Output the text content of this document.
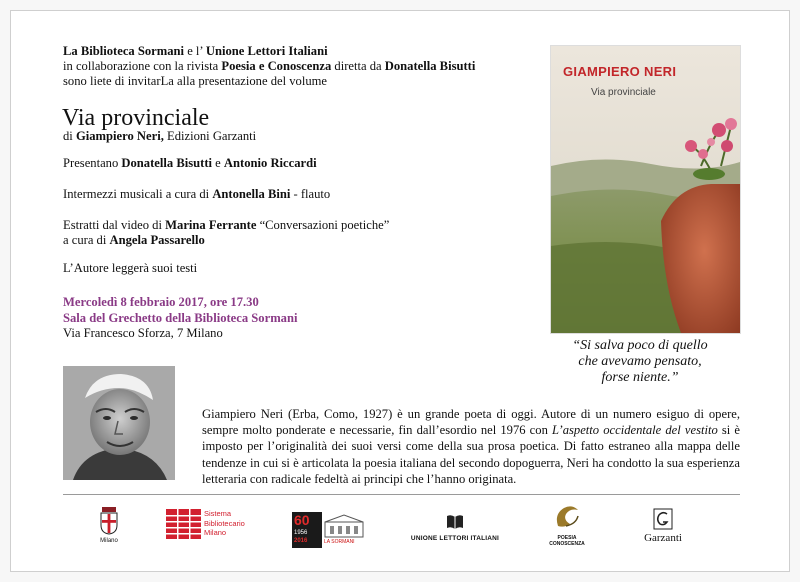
La Biblioteca Sormani e l’ Unione Lettori Italiani
in collaborazione con la rivista Poesia e Conoscenza diretta da Donatella Bisutti
sono liete di invitarLa alla presentazione del volume
Via provinciale
di Giampiero Neri, Edizioni Garzanti
Presentano Donatella Bisutti e Antonio Riccardi
Intermezzi musicali a cura di Antonella Bini - flauto
Estratti dal video di Marina Ferrante “Conversazioni poetiche”
a cura di Angela Passarello
L’Autore leggerà suoi testi
Mercoledì 8 febbraio 2017, ore 17.30
Sala del Grechetto della Biblioteca Sormani
Via Francesco Sforza, 7 Milano
GIAMPIERO NERI
Via provinciale
“Si salva poco di quello
che avevamo pensato,
forse niente.”
Giampiero Neri (Erba, Como, 1927) è un grande poeta di oggi. Autore di un numero esiguo di opere, sempre molto ponderate e necessarie, fin dall’esordio nel 1976 con L’aspetto occidentale del vestito si è imposto per l’originalità dei suoi versi come della sua prosa poetica. Di fatto estraneo alla mappa delle tendenze in cui si è articolata la poesia italiana del secondo dopoguerra, Neri ha condotto la sua esperienza letteraria con radicale fedeltà ai principi che l’hanno originata.
Milano
Sistema
Bibliotecario
Milano
60
1956
2016	LA SORMANI	UNIONE LETTORI ITALIANI	POESIA
CONOSCENZA	Garzanti
